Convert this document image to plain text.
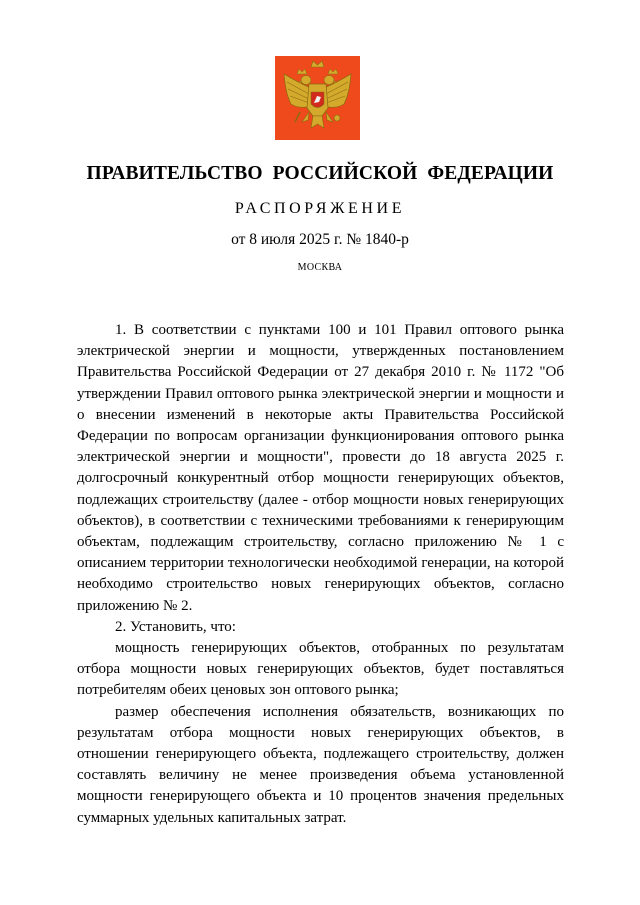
ПРАВИТЕЛЬСТВО РОССИЙСКОЙ ФЕДЕРАЦИИ
РАСПОРЯЖЕНИЕ
от 8 июля 2025 г. № 1840-р
МОСКВА

1. В соответствии с пунктами 100 и 101 Правил оптового рынка электрической энергии и мощности, утвержденных постановлением Правительства Российской Федерации от 27 декабря 2010 г. № 1172 "Об утверждении Правил оптового рынка электрической энергии и мощности и о внесении изменений в некоторые акты Правительства Российской Федерации по вопросам организации функционирования оптового рынка электрической энергии и мощности", провести до 18 августа 2025 г. долгосрочный конкурентный отбор мощности генерирующих объектов, подлежащих строительству (далее - отбор мощности новых генерирующих объектов), в соответствии с техническими требованиями к генерирующим объектам, подлежащим строительству, согласно приложению № 1 с описанием территории технологически необходимой генерации, на которой необходимо строительство новых генерирующих объектов, согласно приложению № 2.

2. Установить, что:

мощность генерирующих объектов, отобранных по результатам отбора мощности новых генерирующих объектов, будет поставляться потребителям обеих ценовых зон оптового рынка;

размер обеспечения исполнения обязательств, возникающих по результатам отбора мощности новых генерирующих объектов, в отношении генерирующего объекта, подлежащего строительству, должен составлять величину не менее произведения объема установленной мощности генерирующего объекта и 10 процентов значения предельных суммарных удельных капитальных затрат.
